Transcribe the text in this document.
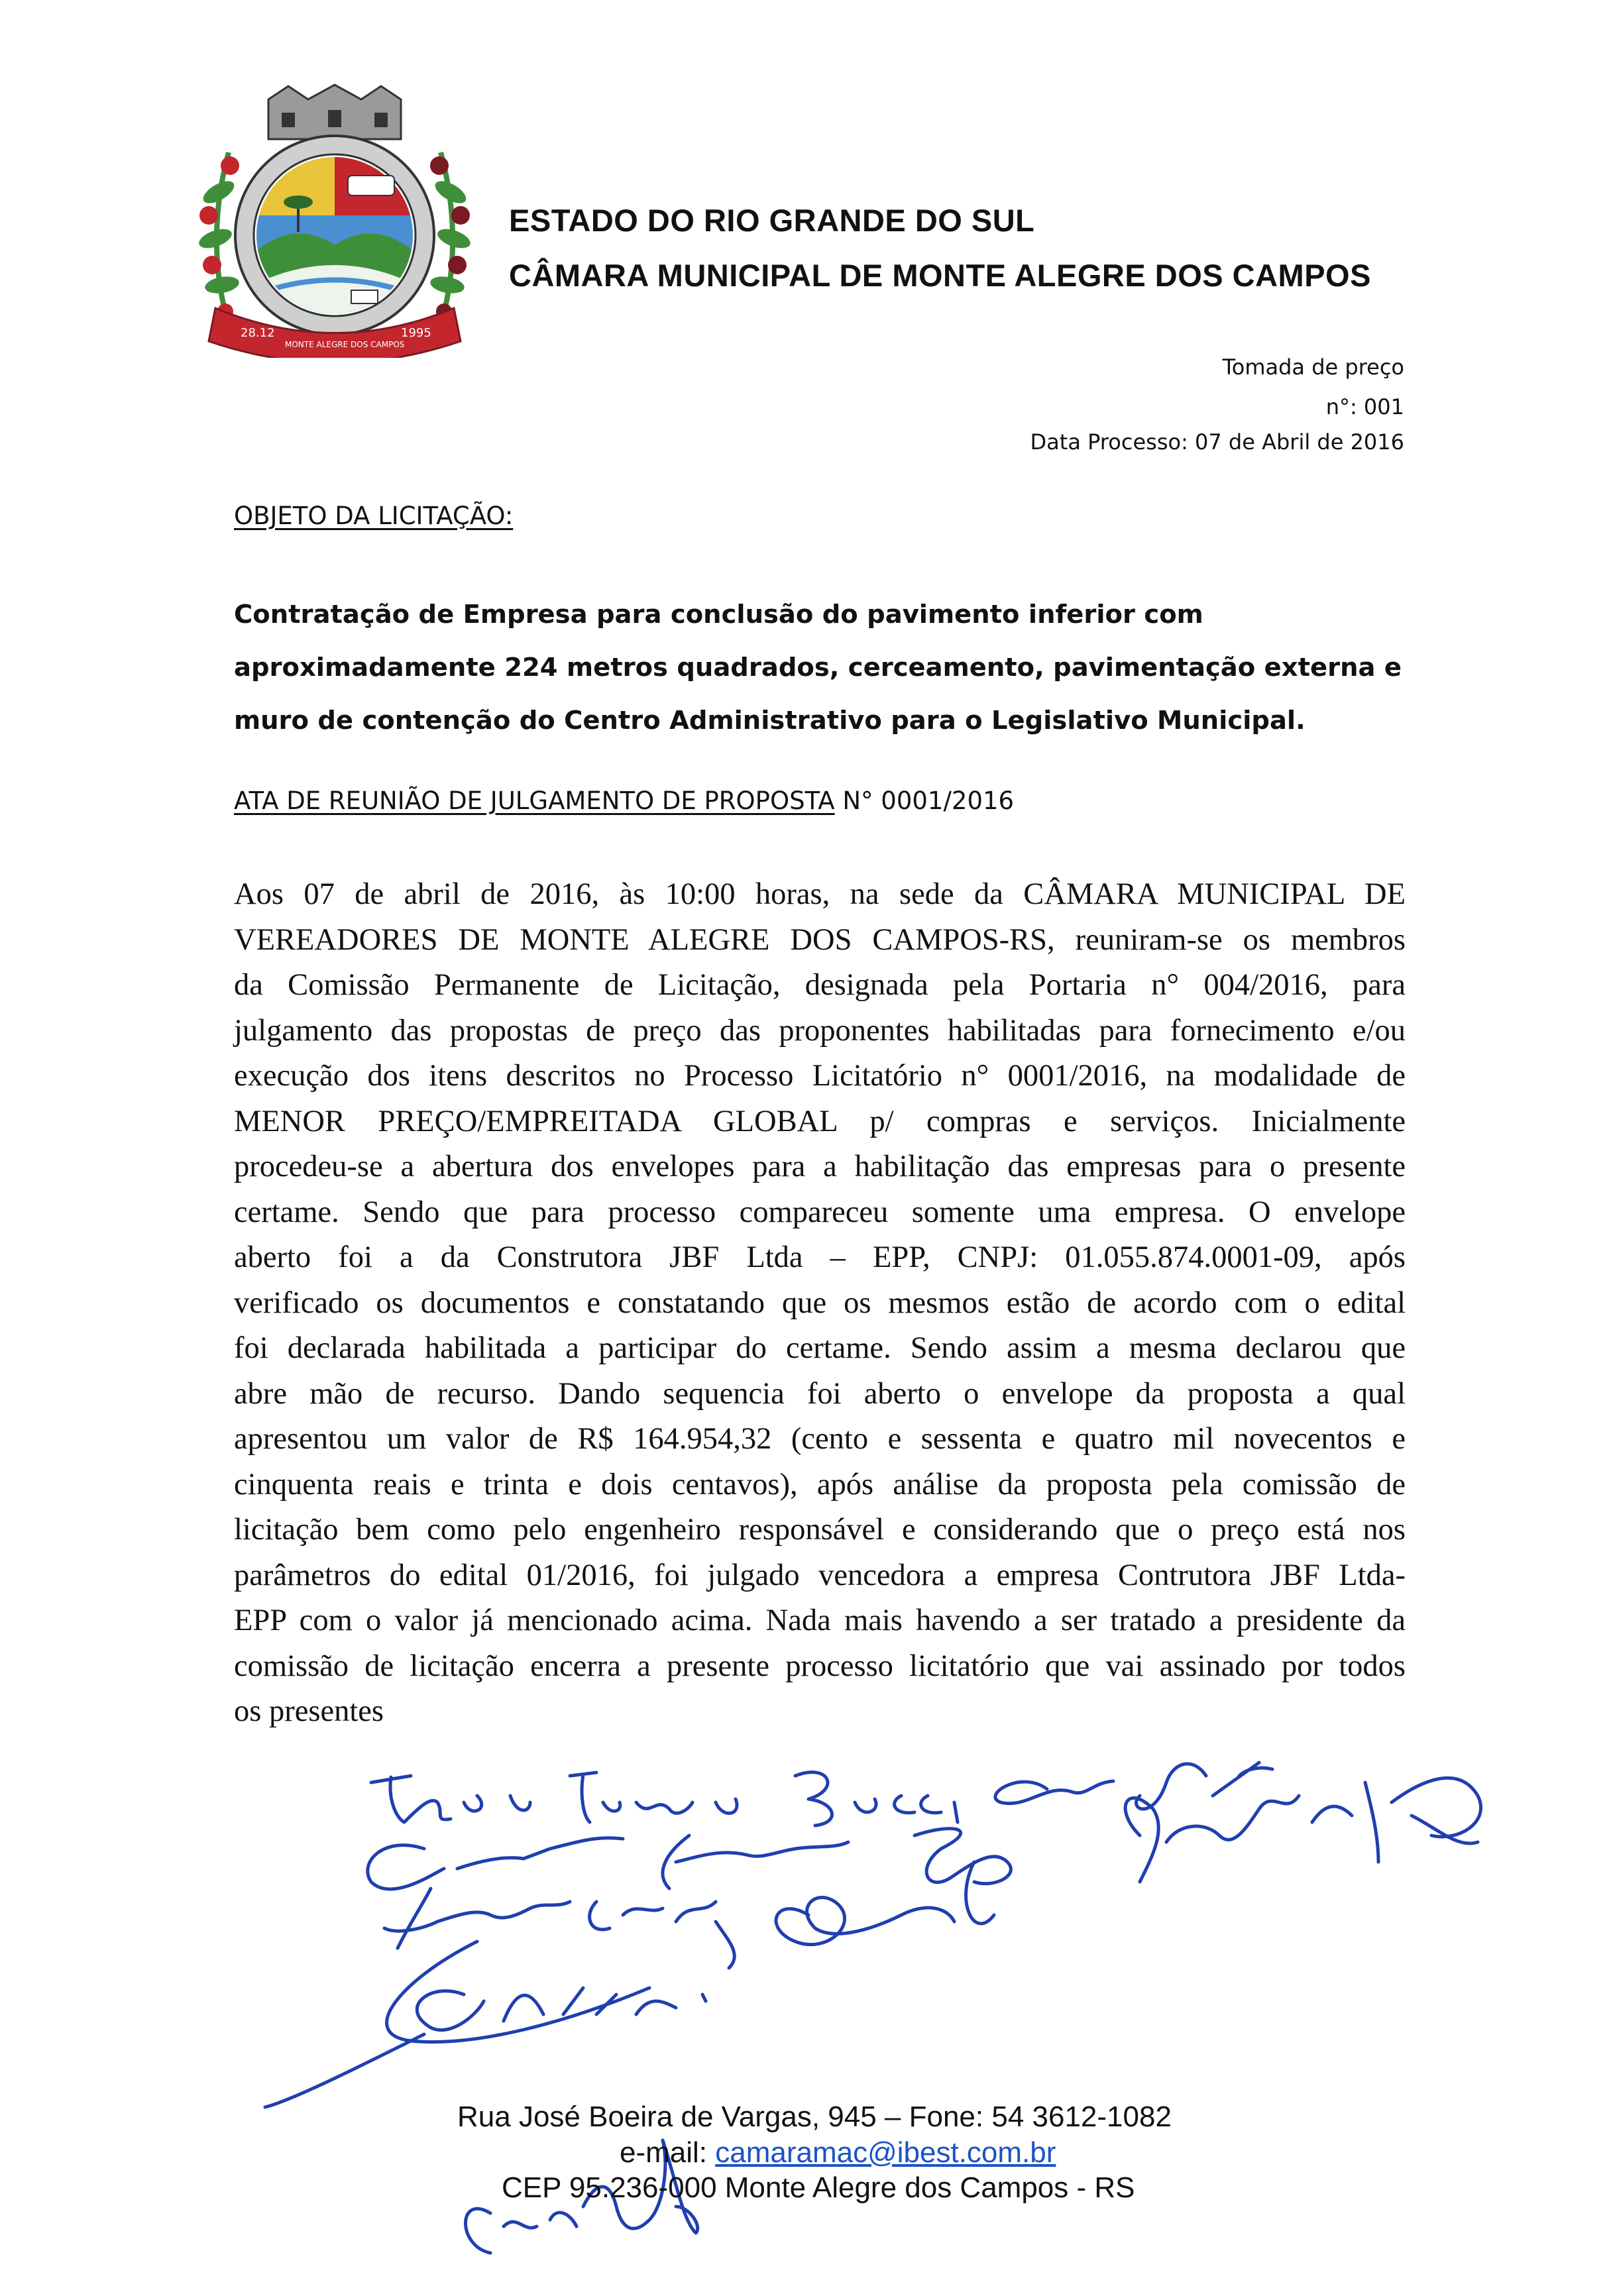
28.12
MONTE ALEGRE DOS CAMPOS
1995
ESTADO DO RIO GRANDE DO SUL
CÂMARA MUNICIPAL DE MONTE ALEGRE DOS CAMPOS
Tomada de preço
n°: 001
Data Processo: 07 de Abril de 2016
OBJETO DA LICITAÇÃO:
Contratação de Empresa para conclusão do pavimento inferior com
aproximadamente 224 metros quadrados, cerceamento, pavimentação externa e
muro de contenção do Centro Administrativo para o Legislativo Municipal.
ATA DE REUNIÃO DE JULGAMENTO DE PROPOSTA N° 0001/2016
Aos 07 de abril de 2016, às 10:00 horas, na sede da CÂMARA MUNICIPAL DE
VEREADORES DE MONTE ALEGRE DOS CAMPOS-RS, reuniram-se os membros
da Comissão Permanente de Licitação, designada pela Portaria n° 004/2016, para
julgamento das propostas de preço das proponentes habilitadas para fornecimento e/ou
execução dos itens descritos no Processo Licitatório n° 0001/2016, na modalidade de
MENOR PREÇO/EMPREITADA GLOBAL p/ compras e serviços. Inicialmente
procedeu-se a abertura dos envelopes para a habilitação das empresas para o presente
certame. Sendo que para processo compareceu somente uma empresa. O envelope
aberto foi a da Construtora JBF Ltda – EPP, CNPJ: 01.055.874.0001-09, após
verificado os documentos e constatando que os mesmos estão de acordo com o edital
foi declarada habilitada a participar do certame. Sendo assim a mesma declarou que
abre mão de recurso. Dando sequencia foi aberto o envelope da proposta a qual
apresentou um valor de R$ 164.954,32 (cento e sessenta e quatro mil novecentos e
cinquenta reais e trinta e dois centavos), após análise da proposta pela comissão de
licitação bem como pelo engenheiro responsável e considerando que o preço está nos
parâmetros do edital 01/2016, foi julgado vencedora a empresa Contrutora JBF Ltda-
EPP com o valor já mencionado acima. Nada mais havendo a ser tratado a presidente da
comissão de licitação encerra a presente processo licitatório que vai assinado por todos
os presentes
Rua José Boeira de Vargas, 945 – Fone: 54 3612-1082
e-mail: camaramac@ibest.com.br
CEP 95.236-000 Monte Alegre dos Campos - RS
